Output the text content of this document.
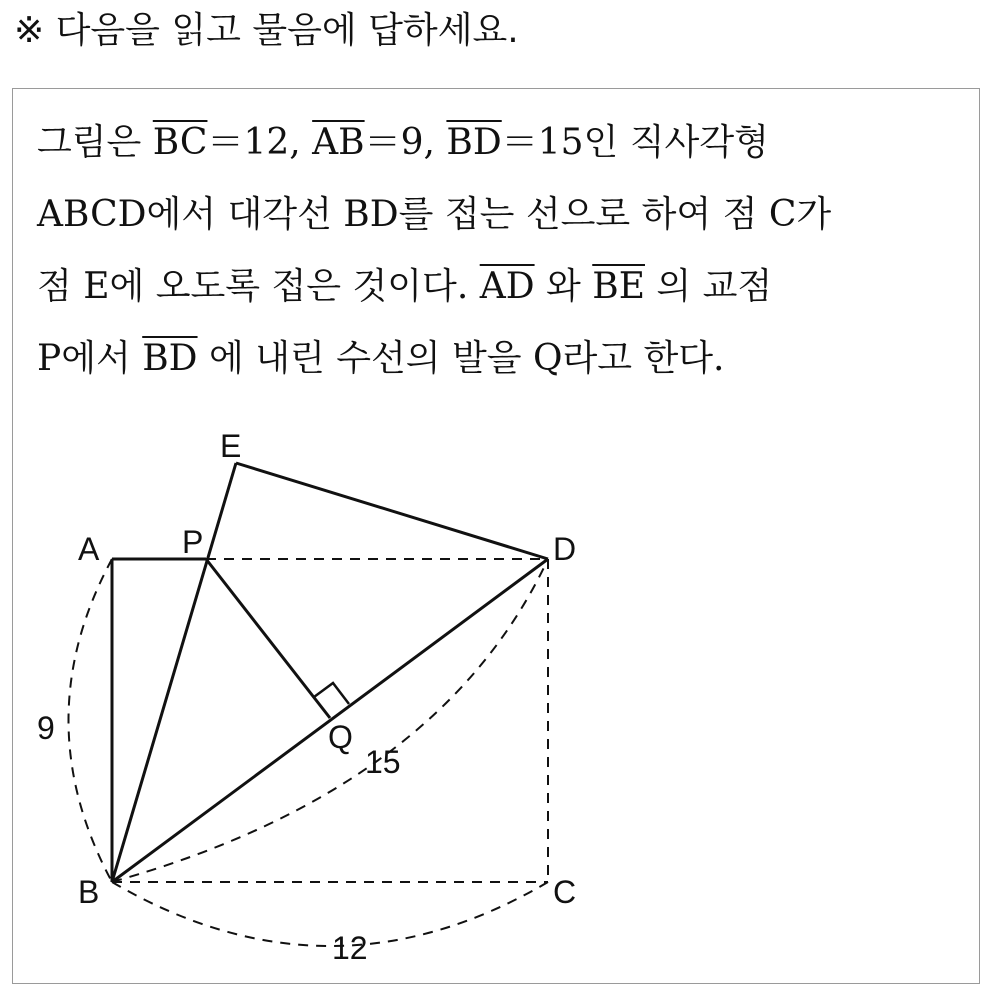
※ 다음을 읽고 물음에 답하세요.
그림은 $\overline{BC}=12$, $\overline{AB}=9$, $\overline{BD}=15$인 직사각형
ABCD에서 대각선 BD를 접는 선으로 하여 점 C가
점 E에 오도록 접은 것이다. $\overline{AD}$ 와 $\overline{BE}$ 의 교점
P에서 $\overline{BD}$ 에 내린 수선의 발을 Q라고 한다.
A	P
E
D
Q
B	C
9
15
12
